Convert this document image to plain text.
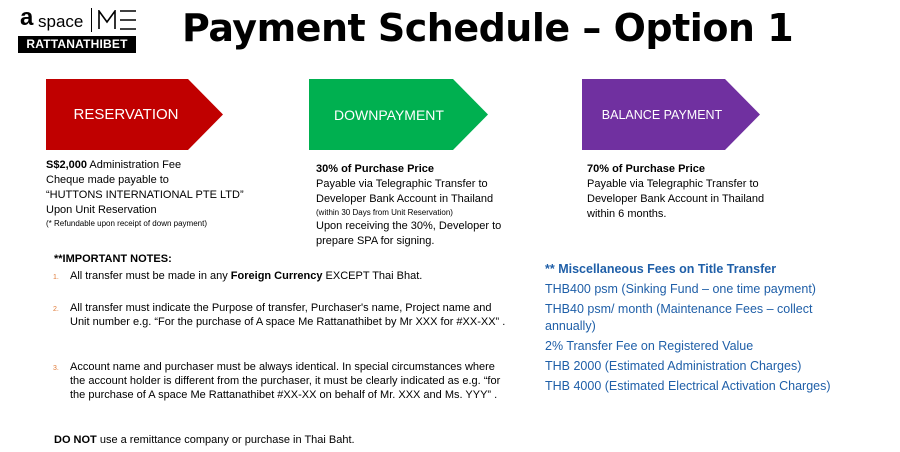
a space
RATTANATHIBET Payment Schedule – Option 1
RESERVATION	DOWNPAYMENT	BALANCE PAYMENT
S$2,000 Administration Fee
Cheque made payable to
“HUTTONS INTERNATIONAL PTE LTD”
Upon Unit Reservation
(* Refundable upon receipt of down payment)
30% of Purchase Price
Payable via Telegraphic Transfer to
Developer Bank Account in Thailand
(within 30 Days from Unit Reservation)
Upon receiving the 30%, Developer to
prepare SPA for signing.
70% of Purchase Price
Payable via Telegraphic Transfer to
Developer Bank Account in Thailand
within 6 months.
**IMPORTANT NOTES:
1. All transfer must be made in any Foreign Currency EXCEPT Thai Bhat.
2. All transfer must indicate the Purpose of transfer, Purchaser's name, Project name and Unit number e.g. “For the purchase of A space Me Rattanathibet by Mr XXX for #XX-XX” .
3. Account name and purchaser must be always identical. In special circumstances where the account holder is different from the purchaser, it must be clearly indicated as e.g. “for the purchase of A space Me Rattanathibet #XX-XX on behalf of Mr. XXX and Ms. YYY” .
DO NOT use a remittance company or purchase in Thai Baht.
** Miscellaneous Fees on Title Transfer
THB400 psm (Sinking Fund – one time payment)
THB40 psm/ month (Maintenance Fees – collect annually)
2% Transfer Fee on Registered Value
THB 2000 (Estimated Administration Charges)
THB 4000 (Estimated Electrical Activation Charges)
